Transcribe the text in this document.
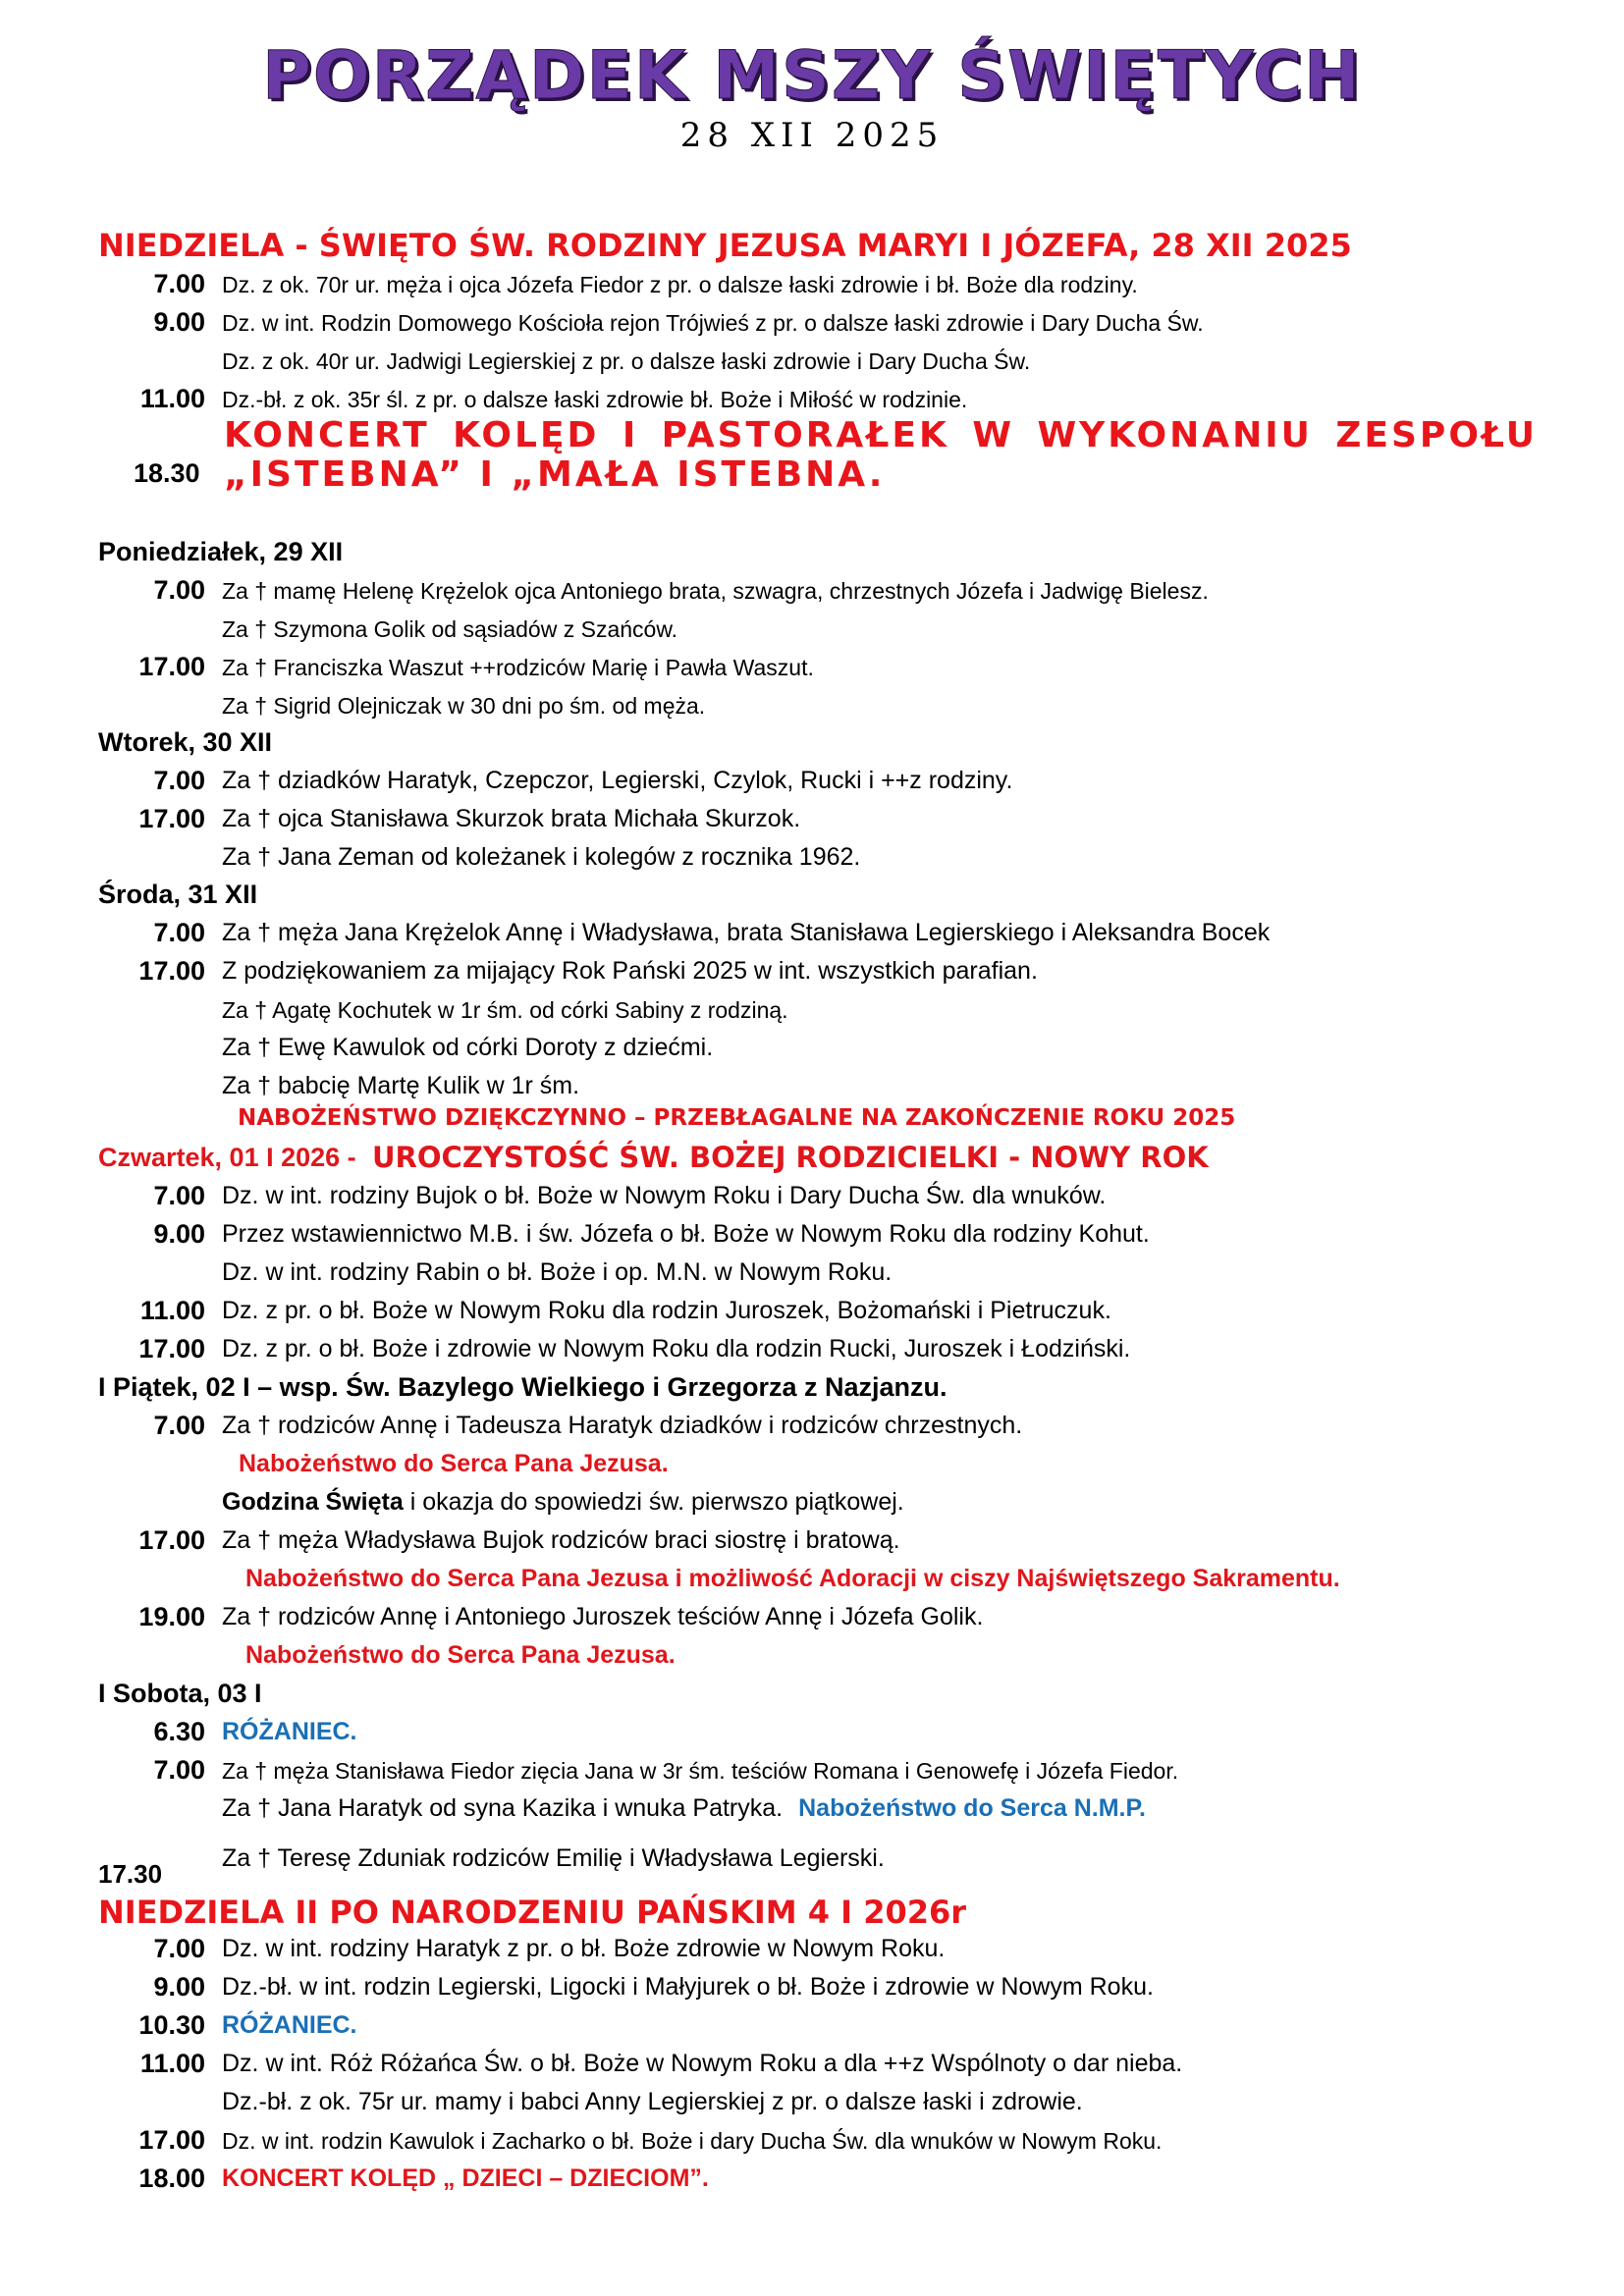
PORZĄDEK MSZY ŚWIĘTYCH
28 XII 2025
NIEDZIELA - ŚWIĘTO ŚW. RODZINY JEZUSA MARYI I JÓZEFA, 28 XII 2025
7.00 Dz. z ok. 70r ur. męża i ojca Józefa Fiedor z pr. o dalsze łaski zdrowie i bł. Boże dla rodziny.
9.00 Dz. w int. Rodzin Domowego Kościoła rejon Trójwieś z pr. o dalsze łaski zdrowie i Dary Ducha Św.
Dz. z ok. 40r ur. Jadwigi Legierskiej z pr. o dalsze łaski zdrowie i Dary Ducha Św.
11.00 Dz.-bł. z ok. 35r śl. z pr. o dalsze łaski zdrowie bł. Boże i Miłość w rodzinie.
18.30
KONCERT KOLĘD I PASTORAŁEK W WYKONANIU ZESPOŁU „ISTEBNA” I „MAŁA ISTEBNA.
Poniedziałek, 29 XII
7.00 Za † mamę Helenę Krężelok ojca Antoniego brata, szwagra, chrzestnych Józefa i Jadwigę Bielesz.
Za † Szymona Golik od sąsiadów z Szańców.
17.00 Za † Franciszka Waszut ++rodziców Marię i Pawła Waszut.
Za † Sigrid Olejniczak w 30 dni po śm. od męża.
Wtorek, 30 XII
7.00 Za † dziadków Haratyk, Czepczor, Legierski, Czylok, Rucki i ++z rodziny.
17.00 Za † ojca Stanisława Skurzok brata Michała Skurzok.
Za † Jana Zeman od koleżanek i kolegów z rocznika 1962.
Środa, 31 XII
7.00 Za † męża Jana Krężelok Annę i Władysława, brata Stanisława Legierskiego i Aleksandra Bocek
17.00 Z podziękowaniem za mijający Rok Pański 2025 w int. wszystkich parafian.
Za † Agatę Kochutek w 1r śm. od córki Sabiny z rodziną.
Za † Ewę Kawulok od córki Doroty z dziećmi.
Za † babcię Martę Kulik w 1r śm.
NABOŻEŃSTWO DZIĘKCZYNNO – PRZEBŁAGALNE NA ZAKOŃCZENIE ROKU 2025
Czwartek, 01 I 2026 - UROCZYSTOŚĆ ŚW. BOŻEJ RODZICIELKI - NOWY ROK
7.00 Dz. w int. rodziny Bujok o bł. Boże w Nowym Roku i Dary Ducha Św. dla wnuków.
9.00 Przez wstawiennictwo M.B. i św. Józefa o bł. Boże w Nowym Roku dla rodziny Kohut.
Dz. w int. rodziny Rabin o bł. Boże i op. M.N. w Nowym Roku.
11.00 Dz. z pr. o bł. Boże w Nowym Roku dla rodzin Juroszek, Bożomański i Pietruczuk.
17.00 Dz. z pr. o bł. Boże i zdrowie w Nowym Roku dla rodzin Rucki, Juroszek i Łodziński.
I Piątek, 02 I – wsp. Św. Bazylego Wielkiego i Grzegorza z Nazjanzu.
7.00 Za † rodziców Annę i Tadeusza Haratyk dziadków i rodziców chrzestnych.
Nabożeństwo do Serca Pana Jezusa.
Godzina Święta i okazja do spowiedzi św. pierwszo piątkowej.
17.00 Za † męża Władysława Bujok rodziców braci siostrę i bratową.
Nabożeństwo do Serca Pana Jezusa i możliwość Adoracji w ciszy Najświętszego Sakramentu.
19.00 Za † rodziców Annę i Antoniego Juroszek teściów Annę i Józefa Golik.
Nabożeństwo do Serca Pana Jezusa.
I Sobota, 03 I
6.30 RÓŻANIEC.
7.00 Za † męża Stanisława Fiedor zięcia Jana w 3r śm. teściów Romana i Genowefę i Józefa Fiedor.
Za † Jana Haratyk od syna Kazika i wnuka Patryka. Nabożeństwo do Serca N.M.P.
Za † Teresę Zduniak rodziców Emilię i Władysława Legierski.
17.30
NIEDZIELA II PO NARODZENIU PAŃSKIM 4 I 2026r
7.00 Dz. w int. rodziny Haratyk z pr. o bł. Boże zdrowie w Nowym Roku.
9.00 Dz.-bł. w int. rodzin Legierski, Ligocki i Małyjurek o bł. Boże i zdrowie w Nowym Roku.
10.30 RÓŻANIEC.
11.00 Dz. w int. Róż Różańca Św. o bł. Boże w Nowym Roku a dla ++z Wspólnoty o dar nieba.
Dz.-bł. z ok. 75r ur. mamy i babci Anny Legierskiej z pr. o dalsze łaski i zdrowie.
17.00 Dz. w int. rodzin Kawulok i Zacharko o bł. Boże i dary Ducha Św. dla wnuków w Nowym Roku.
18.00 KONCERT KOLĘD „ DZIECI – DZIECIOM”.
